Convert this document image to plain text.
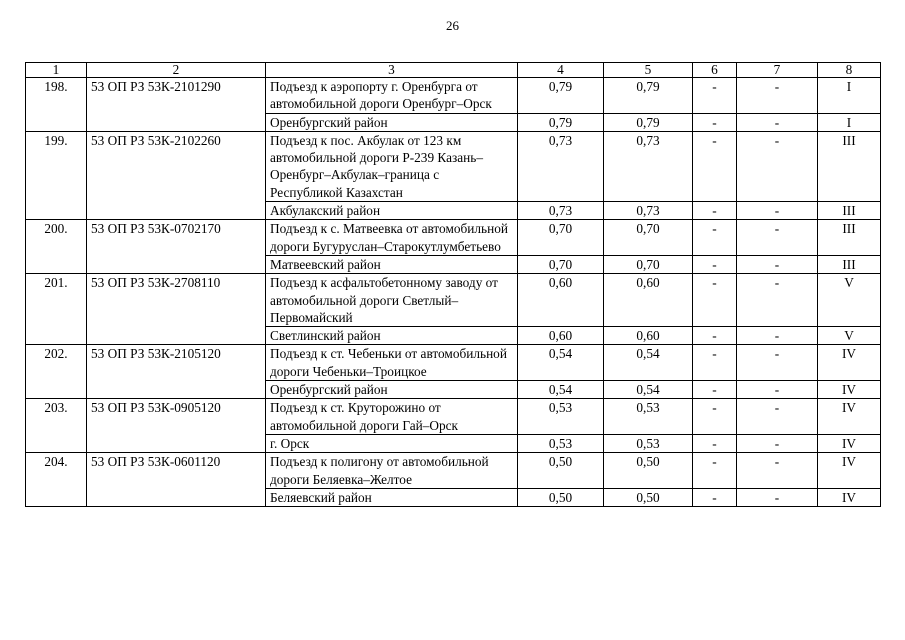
26
1	2	3	4	5	6	7	8
198.	53 ОП РЗ 53К-2101290	Подъезд к аэропорту г. Оренбурга от автомобильной дороги Оренбург–Орск	0,79	0,79	-	-	I
		Оренбургский район	0,79	0,79	-	-	I
199.	53 ОП РЗ 53К-2102260	Подъезд к пос. Акбулак от 123 км автомобильной дороги Р-239 Казань–Оренбург–Акбулак–граница с Республикой Казахстан	0,73	0,73	-	-	III
		Акбулакский район	0,73	0,73	-	-	III
200.	53 ОП РЗ 53К-0702170	Подъезд к с. Матвеевка от автомобильной дороги Бугуруслан–Старокутлумбетьево	0,70	0,70	-	-	III
		Матвеевский район	0,70	0,70	-	-	III
201.	53 ОП РЗ 53К-2708110	Подъезд к асфальтобетонному заводу от автомобильной дороги Светлый–Первомайский	0,60	0,60	-	-	V
		Светлинский район	0,60	0,60	-	-	V
202.	53 ОП РЗ 53К-2105120	Подъезд к ст. Чебеньки от автомобильной дороги Чебеньки–Троицкое	0,54	0,54	-	-	IV
		Оренбургский район	0,54	0,54	-	-	IV
203.	53 ОП РЗ 53К-0905120	Подъезд к ст. Круторожино от автомобильной дороги Гай–Орск	0,53	0,53	-	-	IV
		г. Орск	0,53	0,53	-	-	IV
204.	53 ОП РЗ 53К-0601120	Подъезд к полигону от автомобильной дороги Беляевка–Желтое	0,50	0,50	-	-	IV
		Беляевский район	0,50	0,50	-	-	IV
